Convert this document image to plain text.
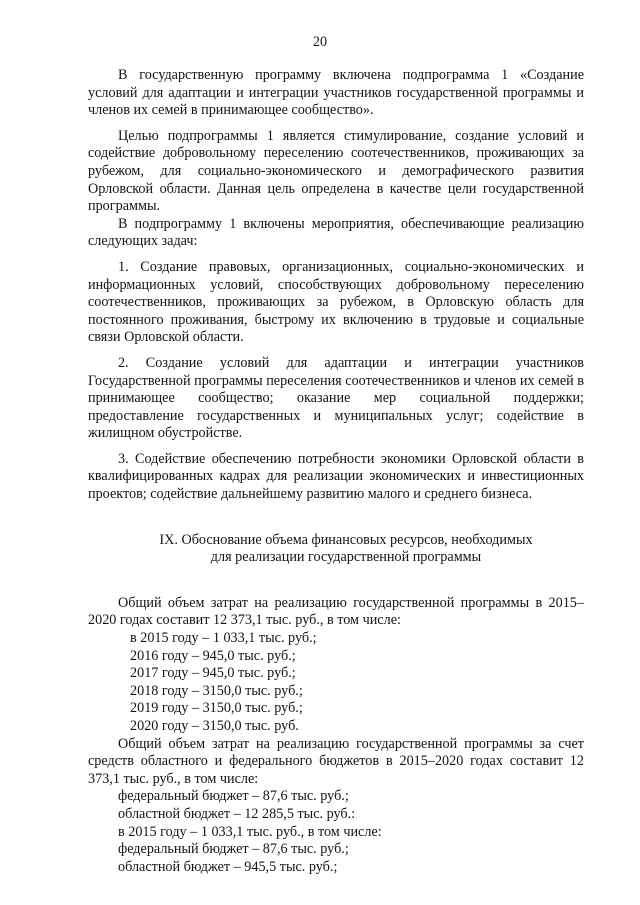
20

В государственную программу включена подпрограмма 1 «Создание условий для адаптации и интеграции участников государственной программы и членов их семей в принимающее сообщество».

Целью подпрограммы 1 является стимулирование, создание условий и содействие добровольному переселению соотечественников, проживающих за рубежом, для социально-экономического и демографического развития Орловской области. Данная цель определена в качестве цели государственной программы.

В подпрограмму 1 включены мероприятия, обеспечивающие реализацию следующих задач:

1. Создание правовых, организационных, социально-экономических и информационных условий, способствующих добровольному переселению соотечественников, проживающих за рубежом, в Орловскую область для постоянного проживания, быстрому их включению в трудовые и социальные связи Орловской области.

2. Создание условий для адаптации и интеграции участников Государственной программы переселения соотечественников и членов их семей в принимающее сообщество; оказание мер социальной поддержки; предоставление государственных и муниципальных услуг; содействие в жилищном обустройстве.

3. Содействие обеспечению потребности экономики Орловской области в квалифицированных кадрах для реализации экономических и инвестиционных проектов; содействие дальнейшему развитию малого и среднего бизнеса.

IX. Обоснование объема финансовых ресурсов, необходимых
для реализации государственной программы

Общий объем затрат на реализацию государственной программы в 2015–2020 годах составит 12 373,1 тыс. руб., в том числе:

в 2015 году – 1 033,1 тыс. руб.;

2016 году – 945,0 тыс. руб.;

2017 году – 945,0 тыс. руб.;

2018 году – 3150,0 тыс. руб.;

2019 году – 3150,0 тыс. руб.;

2020 году – 3150,0 тыс. руб.

Общий объем затрат на реализацию государственной программы за счет средств областного и федерального бюджетов в 2015–2020 годах составит 12 373,1 тыс. руб., в том числе:

федеральный бюджет – 87,6 тыс. руб.;

областной бюджет – 12 285,5 тыс. руб.:

в 2015 году – 1 033,1 тыс. руб., в том числе:

федеральный бюджет – 87,6 тыс. руб.;

областной бюджет – 945,5 тыс. руб.;
